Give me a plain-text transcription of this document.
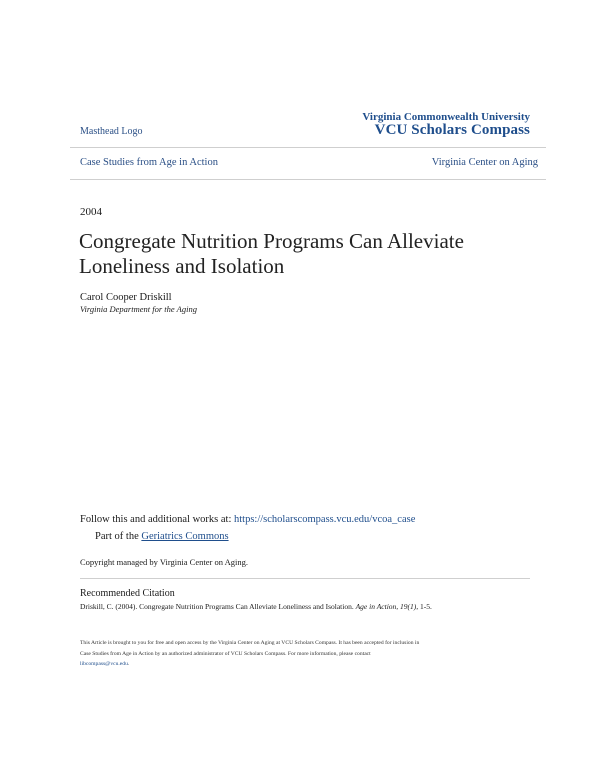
Masthead Logo
Virginia Commonwealth University
VCU Scholars Compass
Case Studies from Age in Action	Virginia Center on Aging
2004
Congregate Nutrition Programs Can Alleviate
Loneliness and Isolation
Carol Cooper Driskill
Virginia Department for the Aging
Follow this and additional works at: https://scholarscompass.vcu.edu/vcoa_case
Part of the Geriatrics Commons
Copyright managed by Virginia Center on Aging.
Recommended Citation
Driskill, C. (2004). Congregate Nutrition Programs Can Alleviate Loneliness and Isolation. Age in Action, 19(1), 1-5.
This Article is brought to you for free and open access by the Virginia Center on Aging at VCU Scholars Compass. It has been accepted for inclusion in
Case Studies from Age in Action by an authorized administrator of VCU Scholars Compass. For more information, please contact
libcompass@vcu.edu.
